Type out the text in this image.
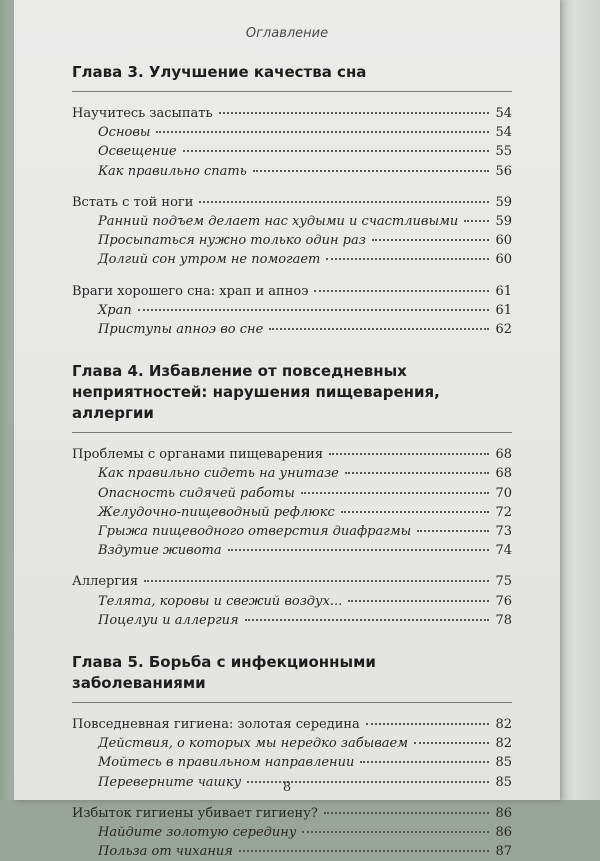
Оглавление
Глава 3. Улучшение качества сна
Научитесь засыпать	54
Основы	54
Освещение	55
Как правильно спать	56
Встать с той ноги	59
Ранний подъем делает нас худыми и счастливыми	59
Просыпаться нужно только один раз	60
Долгий сон утром не помогает	60
Враги хорошего сна: храп и апноэ	61
Храп	61
Приступы апноэ во сне	62
Глава 4. Избавление от повседневных неприятностей: нарушения пищеварения, аллергии
Проблемы с органами пищеварения	68
Как правильно сидеть на унитазе	68
Опасность сидячей работы	70
Желудочно-пищеводный рефлюкс	72
Грыжа пищеводного отверстия диафрагмы	73
Вздутие живота	74
Аллергия	75
Телята, коровы и свежий воздух...	76
Поцелуи и аллергия	78
Глава 5. Борьба с инфекционными заболеваниями
Повседневная гигиена: золотая середина	82
Действия, о которых мы нередко забываем	82
Мойтесь в правильном направлении	85
Переверните чашку	85
Избыток гигиены убивает гигиену?	86
Найдите золотую середину	86
Польза от чихания	87
8
